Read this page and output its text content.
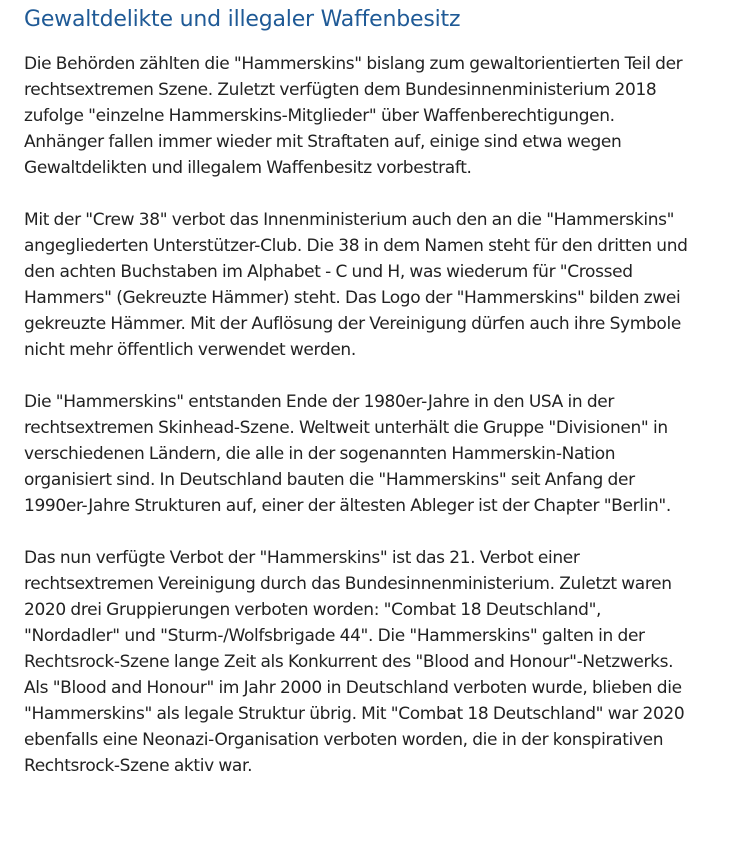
Gewaltdelikte und illegaler Waffenbesitz

Die Behörden zählten die "Hammerskins" bislang zum gewaltorientierten Teil der rechtsextremen Szene. Zuletzt verfügten dem Bundesinnenministerium 2018 zufolge "einzelne Hammerskins-Mitglieder" über Waffenberechtigungen. Anhänger fallen immer wieder mit Straftaten auf, einige sind etwa wegen Gewaltdelikten und illegalem Waffenbesitz vorbestraft.

Mit der "Crew 38" verbot das Innenministerium auch den an die "Hammerskins" angegliederten Unterstützer-Club. Die 38 in dem Namen steht für den dritten und den achten Buchstaben im Alphabet - C und H, was wiederum für "Crossed Hammers" (Gekreuzte Hämmer) steht. Das Logo der "Hammerskins" bilden zwei gekreuzte Hämmer. Mit der Auflösung der Vereinigung dürfen auch ihre Symbole nicht mehr öffentlich verwendet werden.

Die "Hammerskins" entstanden Ende der 1980er-Jahre in den USA in der rechtsextremen Skinhead-Szene. Weltweit unterhält die Gruppe "Divisionen" in verschiedenen Ländern, die alle in der sogenannten Hammerskin-Nation organisiert sind. In Deutschland bauten die "Hammerskins" seit Anfang der 1990er-Jahre Strukturen auf, einer der ältesten Ableger ist der Chapter "Berlin".

Das nun verfügte Verbot der "Hammerskins" ist das 21. Verbot einer rechtsextremen Vereinigung durch das Bundesinnenministerium. Zuletzt waren 2020 drei Gruppierungen verboten worden: "Combat 18 Deutschland", "Nordadler" und "Sturm-/Wolfsbrigade 44". Die "Hammerskins" galten in der Rechtsrock-Szene lange Zeit als Konkurrent des "Blood and Honour"-Netzwerks. Als "Blood and Honour" im Jahr 2000 in Deutschland verboten wurde, blieben die "Hammerskins" als legale Struktur übrig. Mit "Combat 18 Deutschland" war 2020 ebenfalls eine Neonazi-Organisation verboten worden, die in der konspirativen Rechtsrock-Szene aktiv war.
